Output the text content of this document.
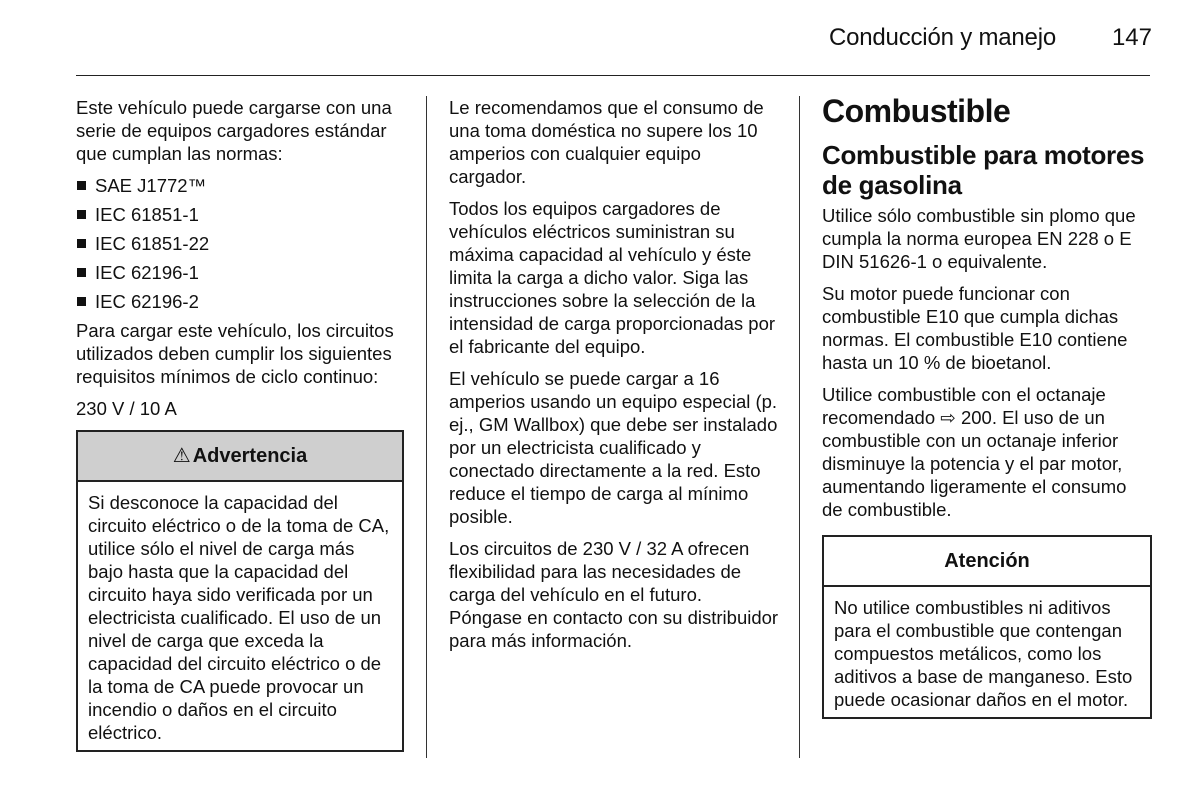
Conducción y manejo	147

Este vehículo puede cargarse con una serie de equipos cargadores estándar que cumplan las normas:

SAE J1772™
IEC 61851-1
IEC 61851-22
IEC 62196-1
IEC 62196-2

Para cargar este vehículo, los circuitos utilizados deben cumplir los siguientes requisitos mínimos de ciclo continuo:

230 V / 10 A

⚠ Advertencia
Si desconoce la capacidad del circuito eléctrico o de la toma de CA, utilice sólo el nivel de carga más bajo hasta que la capacidad del circuito haya sido verificada por un electricista cualificado. El uso de un nivel de carga que exceda la capacidad del circuito eléctrico o de la toma de CA puede provocar un incendio o daños en el circuito eléctrico.

Le recomendamos que el consumo de una toma doméstica no supere los 10 amperios con cualquier equipo cargador.

Todos los equipos cargadores de vehículos eléctricos suministran su máxima capacidad al vehículo y éste limita la carga a dicho valor. Siga las instrucciones sobre la selección de la intensidad de carga proporcionadas por el fabricante del equipo.

El vehículo se puede cargar a 16 amperios usando un equipo especial (p. ej., GM Wallbox) que debe ser instalado por un electricista cualificado y conectado directamente a la red. Esto reduce el tiempo de carga al mínimo posible.

Los circuitos de 230 V / 32 A ofrecen flexibilidad para las necesidades de carga del vehículo en el futuro. Póngase en contacto con su distribuidor para más información.

Combustible
Combustible para motores de gasolina

Utilice sólo combustible sin plomo que cumpla la norma europea EN 228 o E DIN 51626-1 o equivalente.

Su motor puede funcionar con combustible E10 que cumpla dichas normas. El combustible E10 contiene hasta un 10 % de bioetanol.

Utilice combustible con el octanaje recomendado ⇨ 200. El uso de un combustible con un octanaje inferior disminuye la potencia y el par motor, aumentando ligeramente el consumo de combustible.

Atención
No utilice combustibles ni aditivos para el combustible que contengan compuestos metálicos, como los aditivos a base de manganeso. Esto puede ocasionar daños en el motor.
